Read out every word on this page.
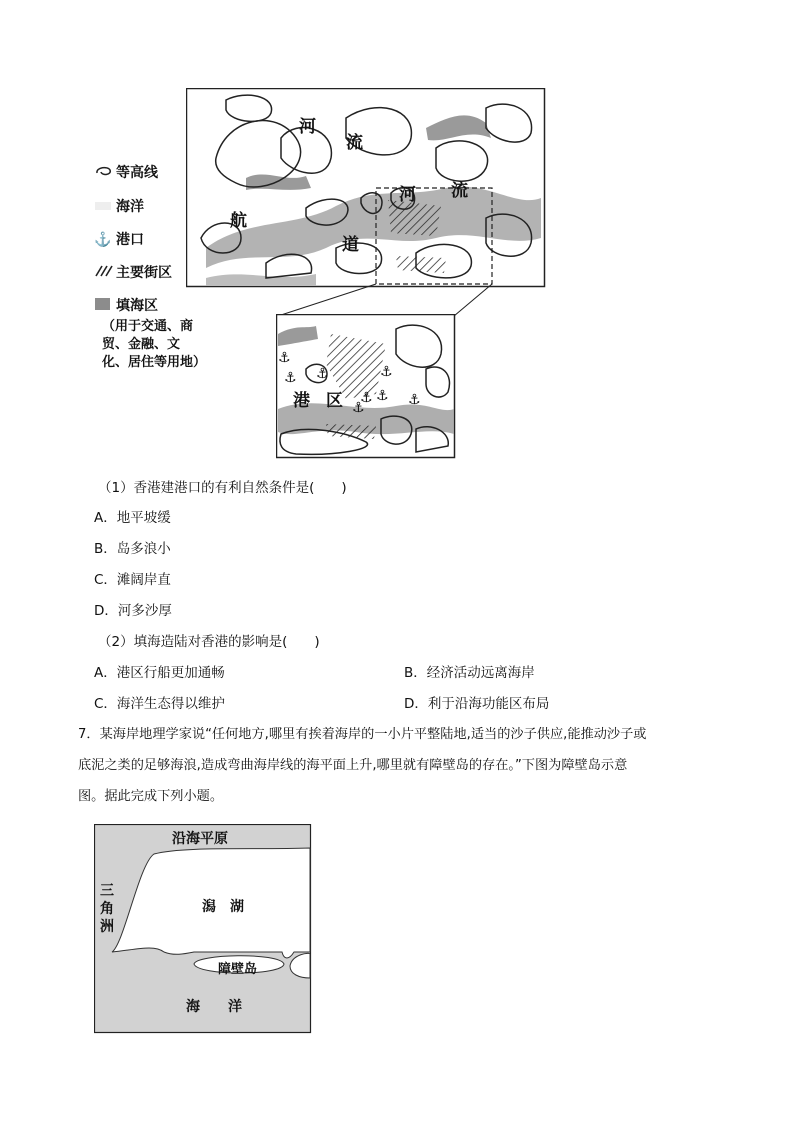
河
流
河 流
航
道
⚓
⚓ ⚓	⚓
⚓ ⚓
⚓	⚓
港 区
等高线
海洋
⚓ 港口
主要街区
填海区
（用于交通、商贸、金融、文化、居住等用地）
（1）香港建港口的有利自然条件是(　　)
A．地平坡缓
B．岛多浪小
C．滩阔岸直
D．河多沙厚
（2）填海造陆对香港的影响是(　　)
A．港区行船更加通畅	B．经济活动远离海岸
C．海洋生态得以维护	D．利于沿海功能区布局
7．某海岸地理学家说“任何地方,哪里有挨着海岸的一小片平整陆地,适当的沙子供应,能推动沙子或
底泥之类的足够海浪,造成弯曲海岸线的海平面上升,哪里就有障壁岛的存在。”下图为障壁岛示意
图。据此完成下列小题。
沿海平原
三
角
洲
潟　湖
障壁岛
海　　洋
